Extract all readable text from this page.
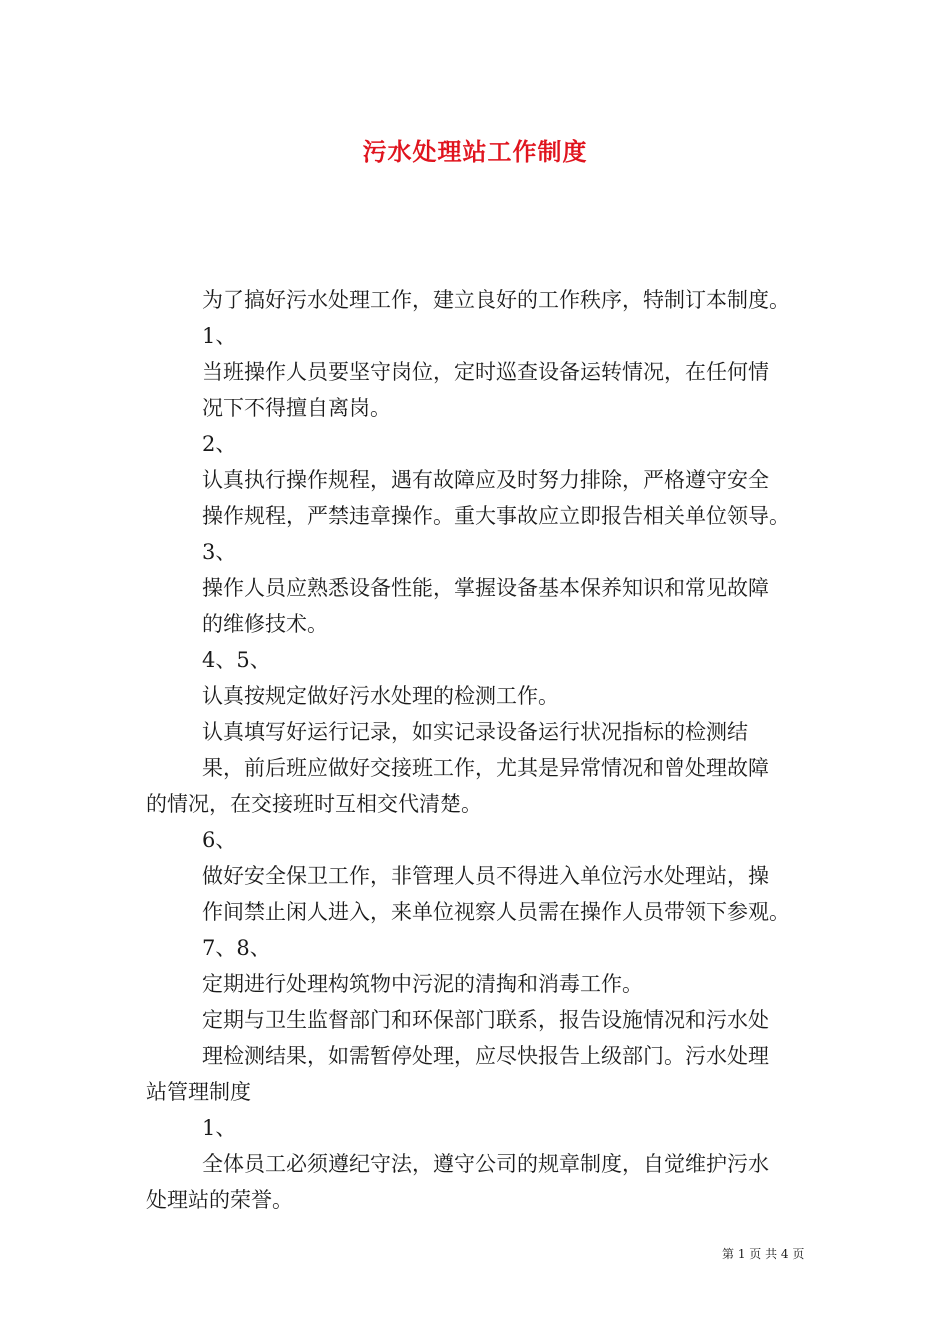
污水处理站工作制度
为了搞好污水处理工作，建立良好的工作秩序，特制订本制度。
1、
当班操作人员要坚守岗位，定时巡查设备运转情况，在任何情
况下不得擅自离岗。
2、
认真执行操作规程，遇有故障应及时努力排除，严格遵守安全
操作规程，严禁违章操作。重大事故应立即报告相关单位领导。
3、
操作人员应熟悉设备性能，掌握设备基本保养知识和常见故障
的维修技术。
4、5、
认真按规定做好污水处理的检测工作。
认真填写好运行记录，如实记录设备运行状况指标的检测结
果，前后班应做好交接班工作，尤其是异常情况和曾处理故障
的情况，在交接班时互相交代清楚。
6、
做好安全保卫工作，非管理人员不得进入单位污水处理站，操
作间禁止闲人进入，来单位视察人员需在操作人员带领下参观。
7、8、
定期进行处理构筑物中污泥的清掏和消毒工作。
定期与卫生监督部门和环保部门联系，报告设施情况和污水处
理检测结果，如需暂停处理，应尽快报告上级部门。污水处理
站管理制度
1、
全体员工必须遵纪守法，遵守公司的规章制度，自觉维护污水
处理站的荣誉。
第 1 页 共 4 页
